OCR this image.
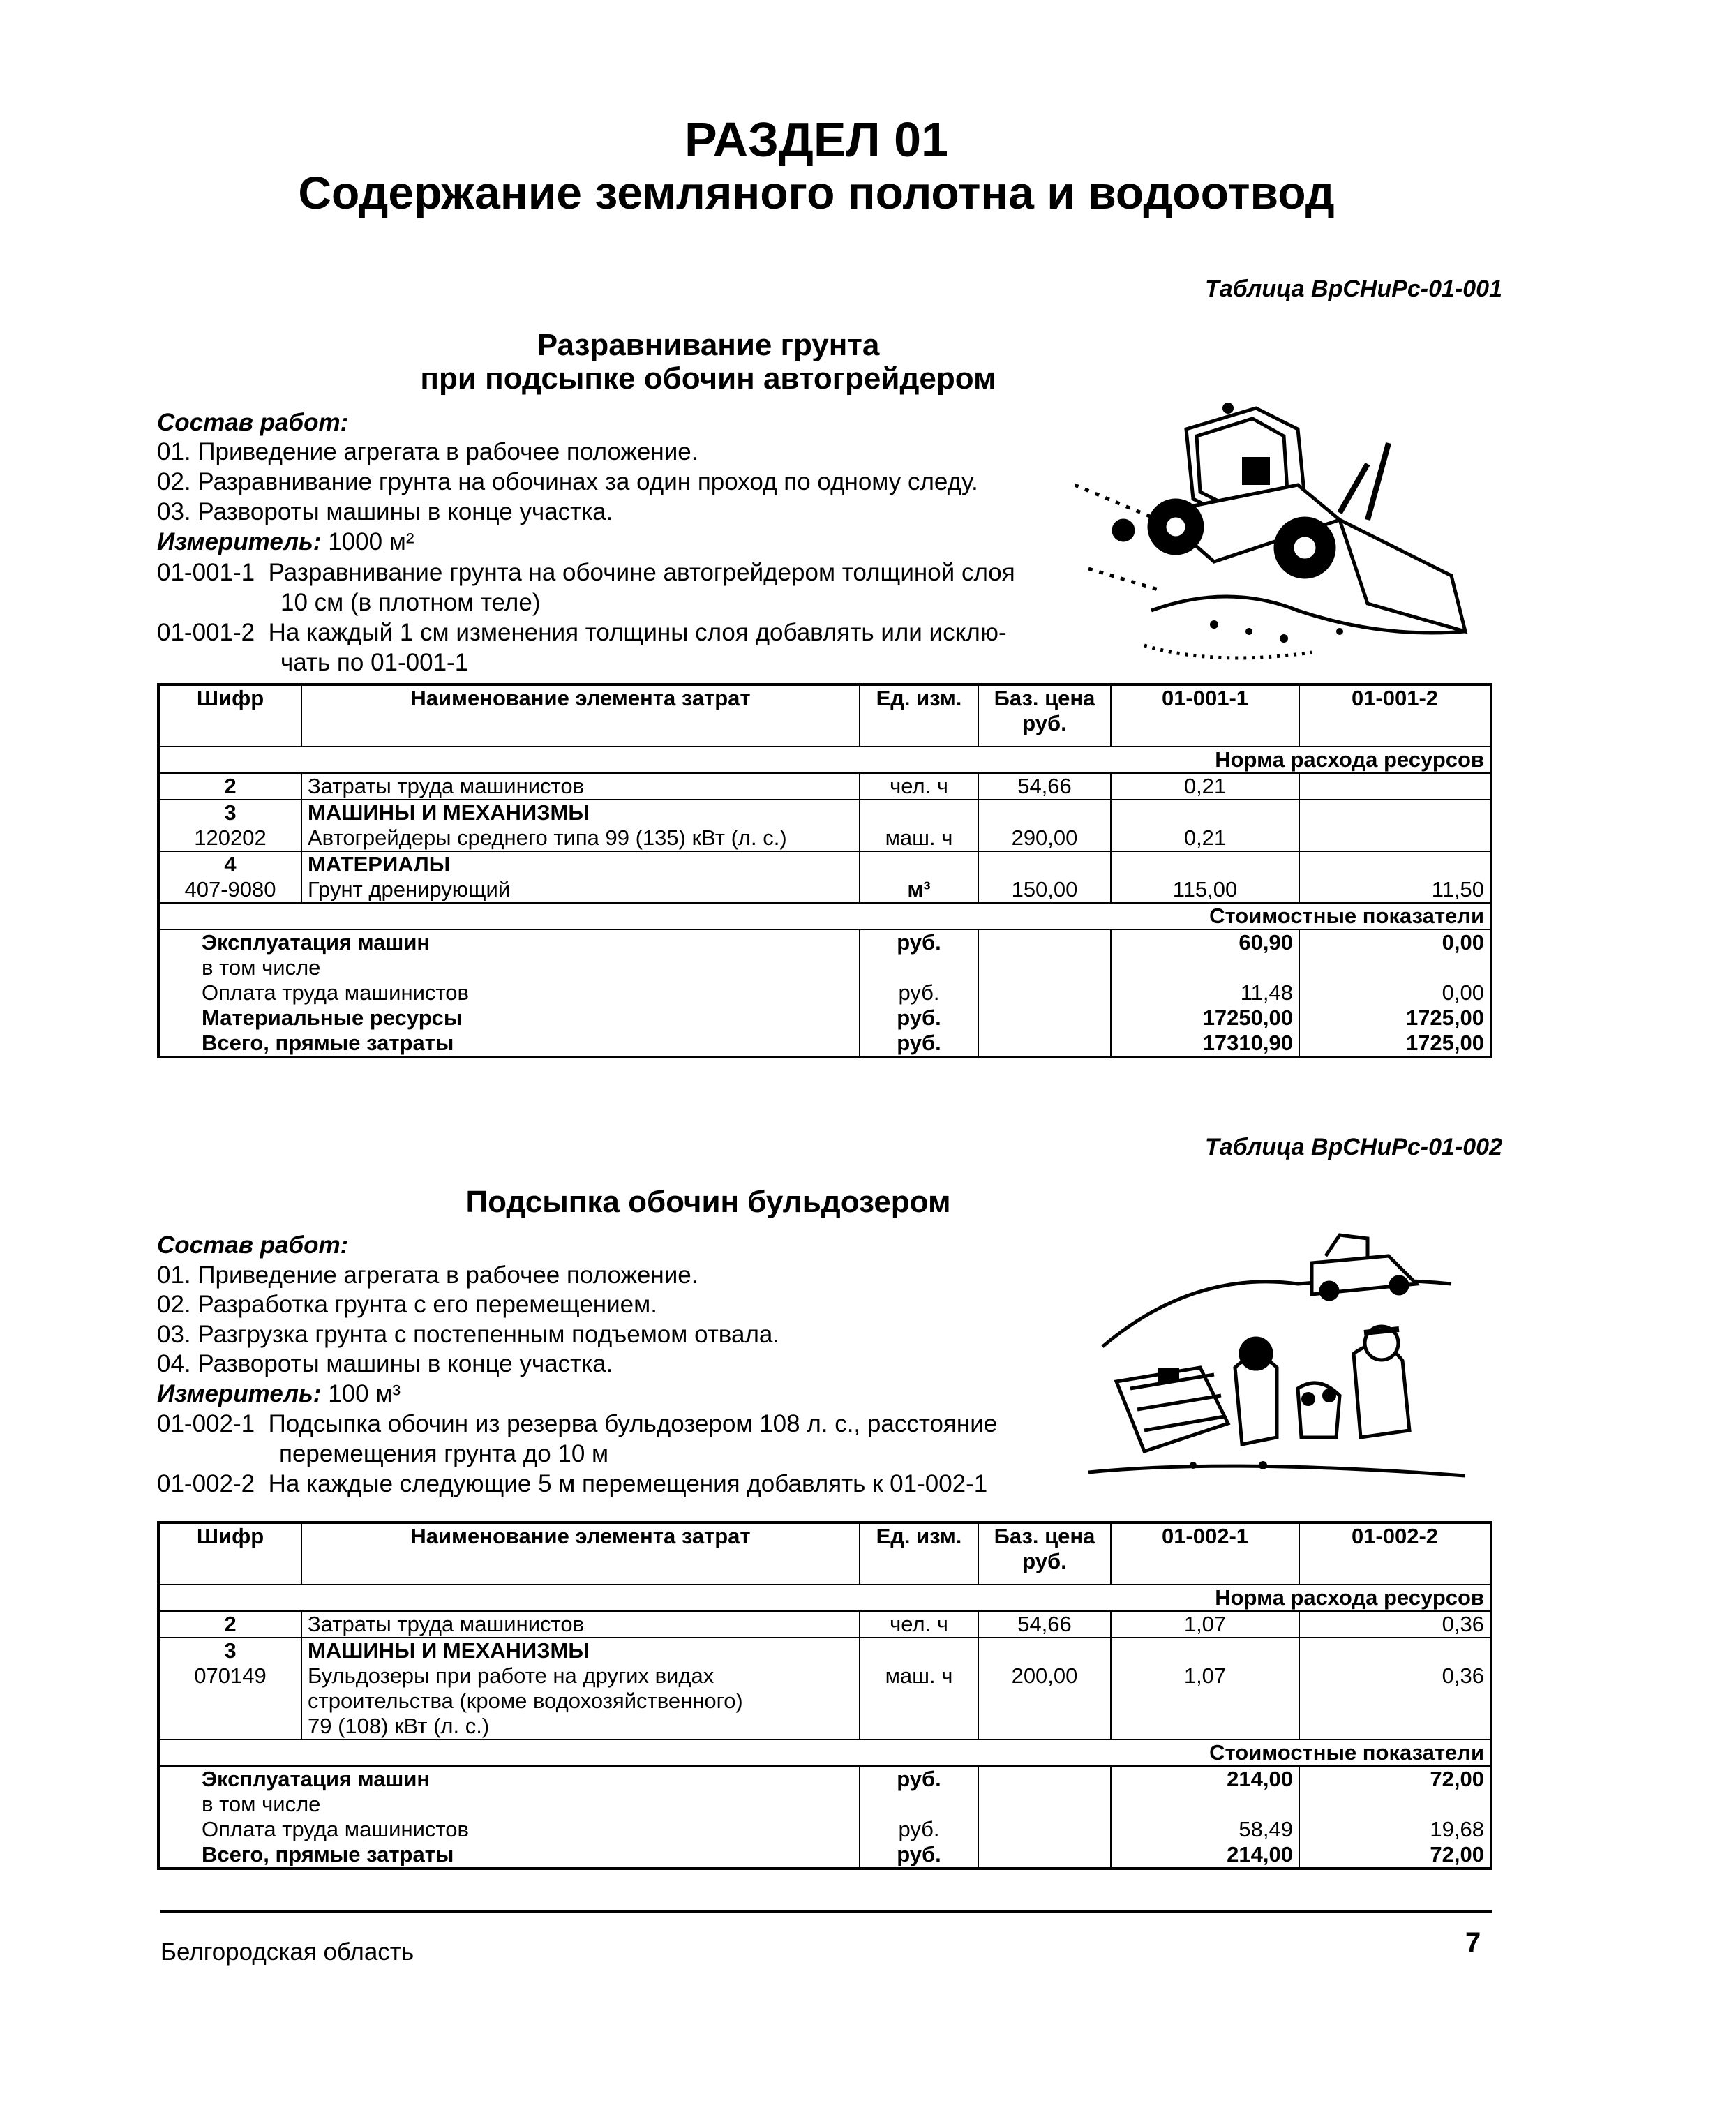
РАЗДЕЛ 01
Содержание земляного полотна и водоотвод
Таблица ВрСНиРс-01-001
Разравнивание грунта
при подсыпке обочин автогрейдером
Состав работ:
01. Приведение агрегата в рабочее положение.
02. Разравнивание грунта на обочинах за один проход по одному следу.
03. Развороты машины в конце участка.
Измеритель: 1000 м²
01-001-1 Разравнивание грунта на обочине автогрейдером толщиной слоя
10 см (в плотном теле)
01-001-2 На каждый 1 см изменения толщины слоя добавлять или исклю-
чать по 01-001-1
Шифр	Наименование элемента затрат	Ед. изм.	Баз. цена руб.	01-001-1	01-001-2
Норма расхода ресурсов					
2	Затраты труда машинистов	чел. ч	54,66	0,21	
3	МАШИНЫ И МЕХАНИЗМЫ				
120202	Автогрейдеры среднего типа 99 (135) кВт (л. с.)	маш. ч	290,00	0,21	
4	МАТЕРИАЛЫ				
407-9080	Грунт дренирующий	м³	150,00	115,00	11,50
Стоимостные показатели					
Эксплуатация машин		руб.		60,90	0,00
в том числе					
Оплата труда машинистов		руб.		11,48	0,00
Материальные ресурсы		руб.		17250,00	1725,00
Всего, прямые затраты		руб.		17310,90	1725,00
Таблица ВрСНиРс-01-002
Подсыпка обочин бульдозером
Состав работ:
01. Приведение агрегата в рабочее положение.
02. Разработка грунта с его перемещением.
03. Разгрузка грунта с постепенным подъемом отвала.
04. Развороты машины в конце участка.
Измеритель: 100 м³
01-002-1 Подсыпка обочин из резерва бульдозером 108 л. с., расстояние
перемещения грунта до 10 м
01-002-2 На каждые следующие 5 м перемещения добавлять к 01-002-1
Шифр	Наименование элемента затрат	Ед. изм.	Баз. цена руб.	01-002-1	01-002-2
Норма расхода ресурсов					
2	Затраты труда машинистов	чел. ч	54,66	1,07	0,36
3	МАШИНЫ И МЕХАНИЗМЫ				
070149	Бульдозеры при работе на других видах	маш. ч	200,00	1,07	0,36
	строительства (кроме водохозяйственного)				
	79 (108) кВт (л. с.)				
Стоимостные показатели					
Эксплуатация машин		руб.		214,00	72,00
в том числе					
Оплата труда машинистов		руб.		58,49	19,68
Всего, прямые затраты		руб.		214,00	72,00
Белгородская область	7
